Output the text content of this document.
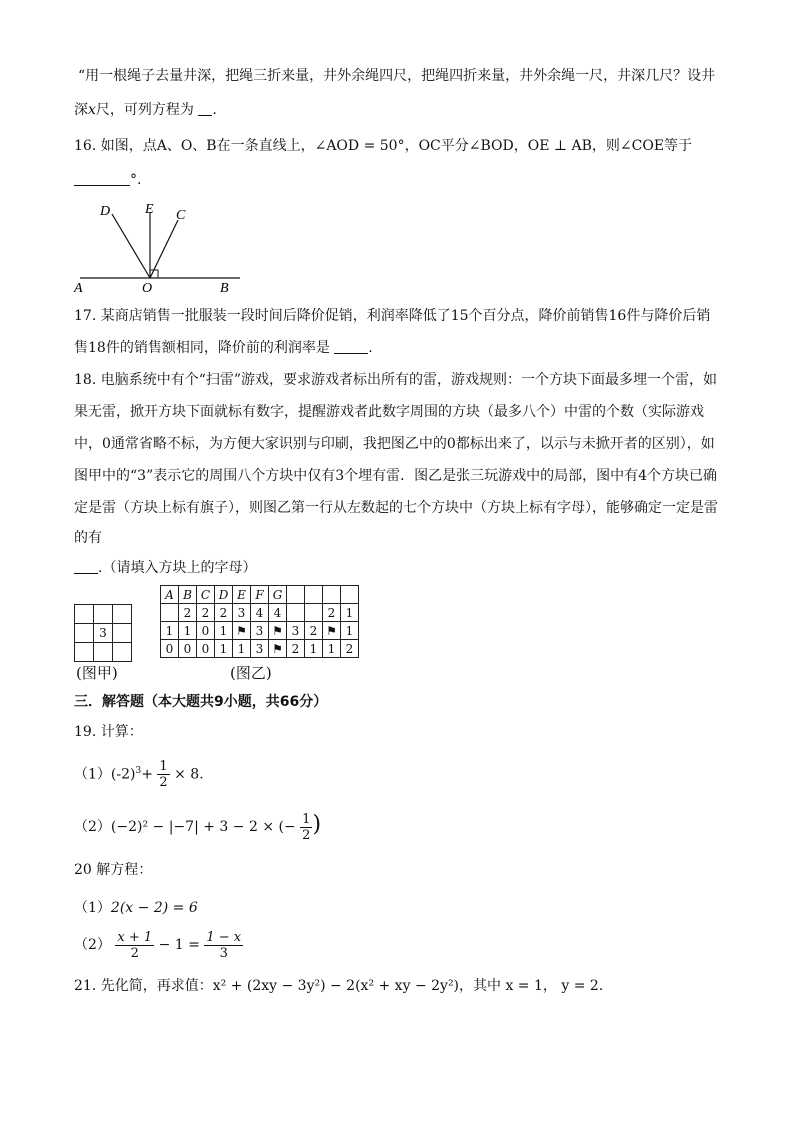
“用一根绳子去量井深，把绳三折来量，井外余绳四尺，把绳四折来量，井外余绳一尺，井深几尺？设井
深x尺，可列方程为 .
16. 如图，点A、O、B在一条直线上，∠AOD = 50°，OC平分∠BOD，OE ⊥ AB，则∠COE等于
°.
D E C
A	O	B
17. 某商店销售一批服装一段时间后降价促销，利润率降低了15个百分点，降价前销售16件与降价后销
售18件的销售额相同，降价前的利润率是	.
18. 电脑系统中有个“扫雷”游戏，要求游戏者标出所有的雷，游戏规则：一个方块下面最多埋一个雷，如
果无雷，掀开方块下面就标有数字，提醒游戏者此数字周围的方块（最多八个）中雷的个数（实际游戏
中，0通常省略不标，为方便大家识别与印刷，我把图乙中的0都标出来了，以示与未掀开者的区别），如
图甲中的“3”表示它的周围八个方块中仅有3个埋有雷．图乙是张三玩游戏中的局部，图中有4个方块已确
定是雷（方块上标有旗子），则图乙第一行从左数起的七个方块中（方块上标有字母），能够确定一定是雷
的有
.（请填入方块上的字母）

	3	

(图甲)
A	B	C	D	E	F	G				
	2	2	2	3	4	4			2	1
1	1	0	1	⚑	3	⚑	3	2	⚑	1
0	0	0	1	1	3	⚑	2	1	1	2
(图乙)
三．解答题（本大题共9小题，共66分）
19. 计算：
$(1)(-2)^3+ \frac{1}{2} \times 8$.
（2）(−2)² − |−7| + 3 − 2 × (− $\frac{1}{2}$ )
20 解方程：
（1）2(x − 2) = 6
$(2) \frac{x + 1}{2} - 1 = \frac{1 - x}{3}$
21. 先化简，再求值：x² + (2xy − 3y²) − 2(x² + xy − 2y²)，其中 x = 1， y = 2.
